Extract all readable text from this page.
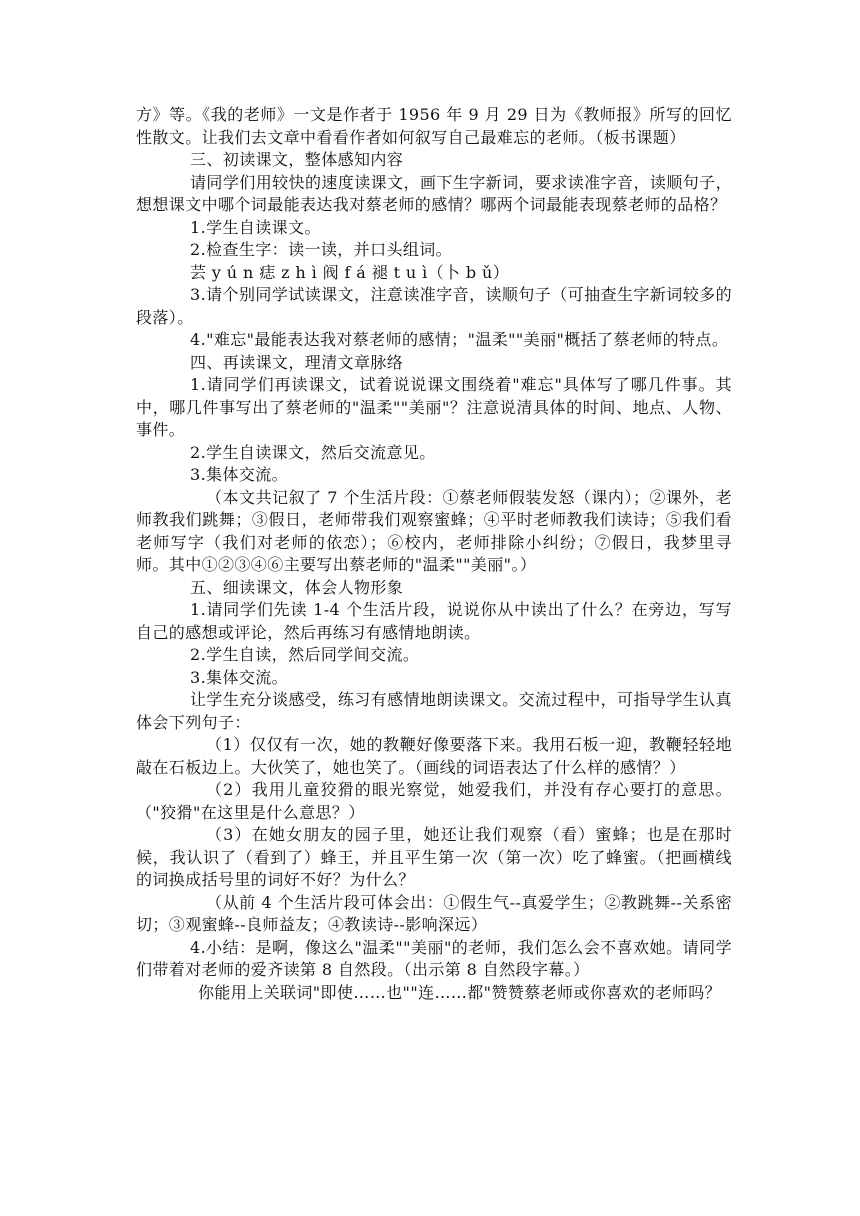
方》等。《我的老师》一文是作者于 1956 年 9 月 29 日为《教师报》所写的回忆性散文。让我们去文章中看看作者如何叙写自己最难忘的老师。（板书课题）

三、初读课文，整体感知内容

请同学们用较快的速度读课文，画下生字新词，要求读准字音，读顺句子，想想课文中哪个词最能表达我对蔡老师的感情？哪两个词最能表现蔡老师的品格？

1.学生自读课文。

2.检查生字：读一读，并口头组词。

芸 y ú n 痣 z h ì 阀 f á 褪 t u ì（卜 b ǔ）

3.请个别同学试读课文，注意读准字音，读顺句子（可抽查生字新词较多的段落）。

4."难忘"最能表达我对蔡老师的感情；"温柔""美丽"概括了蔡老师的特点。

四、再读课文，理清文章脉络

1.请同学们再读课文，试着说说课文围绕着"难忘"具体写了哪几件事。其中，哪几件事写出了蔡老师的"温柔""美丽"？注意说清具体的时间、地点、人物、事件。

2.学生自读课文，然后交流意见。

3.集体交流。

（本文共记叙了 7 个生活片段：①蔡老师假装发怒（课内）；②课外，老师教我们跳舞；③假日，老师带我们观察蜜蜂；④平时老师教我们读诗；⑤我们看老师写字（我们对老师的依恋）；⑥校内，老师排除小纠纷；⑦假日，我梦里寻师。其中①②③④⑥主要写出蔡老师的"温柔""美丽"。）

五、细读课文，体会人物形象

1.请同学们先读 1-4 个生活片段，说说你从中读出了什么？在旁边，写写自己的感想或评论，然后再练习有感情地朗读。

2.学生自读，然后同学间交流。

3.集体交流。

让学生充分谈感受，练习有感情地朗读课文。交流过程中，可指导学生认真体会下列句子：

（1）仅仅有一次，她的教鞭好像要落下来。我用石板一迎，教鞭轻轻地敲在石板边上。大伙笑了，她也笑了。（画线的词语表达了什么样的感情？）

（2）我用儿童狡猾的眼光察觉，她爱我们，并没有存心要打的意思。（"狡猾"在这里是什么意思？）

（3）在她女朋友的园子里，她还让我们观察（看）蜜蜂；也是在那时候，我认识了（看到了）蜂王，并且平生第一次（第一次）吃了蜂蜜。（把画横线的词换成括号里的词好不好？为什么？

（从前 4 个生活片段可体会出：①假生气--真爱学生；②教跳舞--关系密切；③观蜜蜂--良师益友；④教读诗--影响深远）

4.小结：是啊，像这么"温柔""美丽"的老师，我们怎么会不喜欢她。请同学们带着对老师的爱齐读第 8 自然段。（出示第 8 自然段字幕。）

你能用上关联词"即使……也""连……都"赞赞蔡老师或你喜欢的老师吗？
